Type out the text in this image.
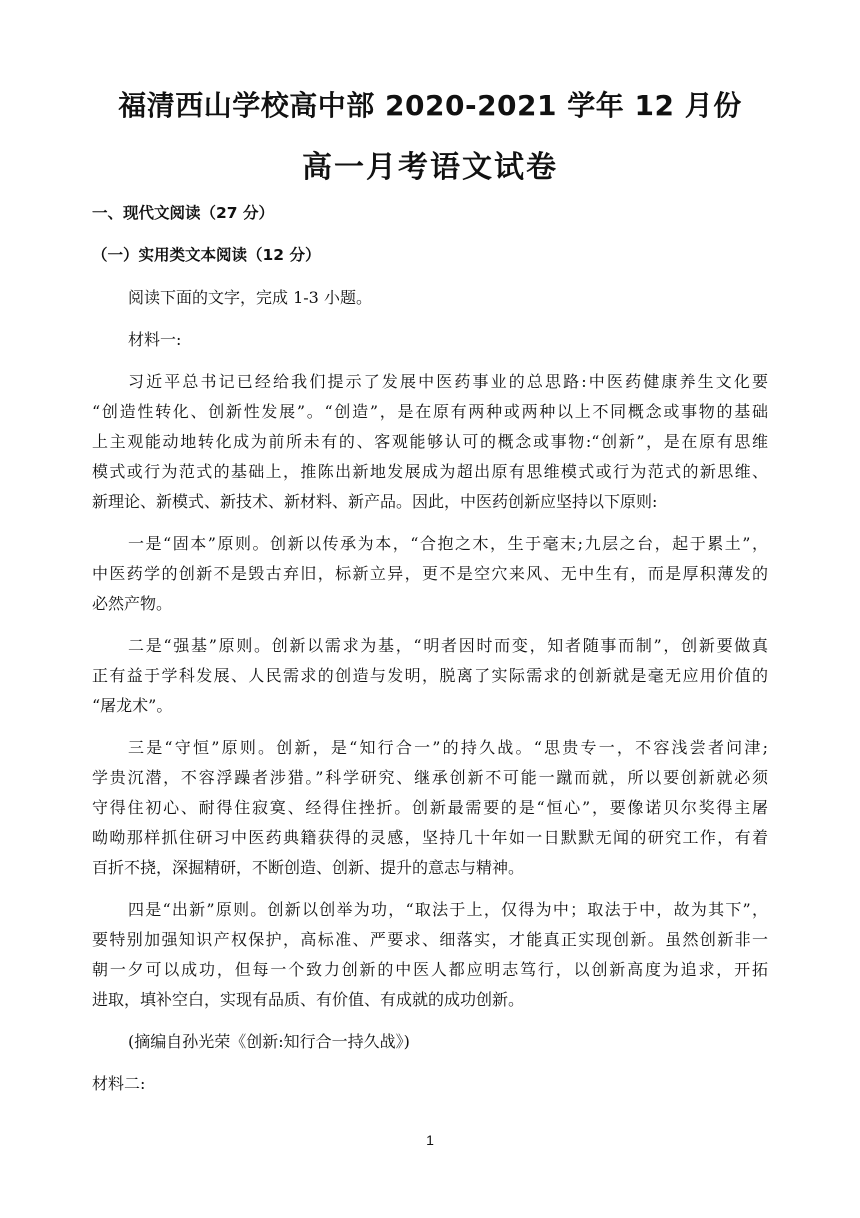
福清西山学校高中部 2020-2021 学年 12 月份
高一月考语文试卷
一、现代文阅读（27 分）
（一）实用类文本阅读（12 分）
阅读下面的文字，完成 1-3 小题。
材料一:
习近平总书记已经给我们提示了发展中医药事业的总思路:中医药健康养生文化要
“创造性转化、创新性发展”。“创造”，是在原有两种或两种以上不同概念或事物的基础
上主观能动地转化成为前所未有的、客观能够认可的概念或事物:“创新”，是在原有思维
模式或行为范式的基础上，推陈出新地发展成为超出原有思维模式或行为范式的新思维、
新理论、新模式、新技术、新材料、新产品。因此，中医药创新应坚持以下原则:
一是“固本”原则。创新以传承为本，“合抱之木，生于毫末;九层之台，起于累土”，
中医药学的创新不是毁古弃旧，标新立异，更不是空穴来风、无中生有，而是厚积薄发的
必然产物。
二是“强基”原则。创新以需求为基，“明者因时而变，知者随事而制”，创新要做真
正有益于学科发展、人民需求的创造与发明，脱离了实际需求的创新就是毫无应用价值的
“屠龙术”。
三是“守恒”原则。创新，是“知行合一”的持久战。“思贵专一，不容浅尝者问津;
学贵沉潜，不容浮躁者涉猎。”科学研究、继承创新不可能一蹴而就，所以要创新就必须
守得住初心、耐得住寂寞、经得住挫折。创新最需要的是“恒心”，要像诺贝尔奖得主屠
呦呦那样抓住研习中医药典籍获得的灵感，坚持几十年如一日默默无闻的研究工作，有着
百折不挠，深掘精研，不断创造、创新、提升的意志与精神。
四是“出新”原则。创新以创举为功，“取法于上，仅得为中；取法于中，故为其下”，
要特别加强知识产权保护，高标准、严要求、细落实，才能真正实现创新。虽然创新非一
朝一夕可以成功，但每一个致力创新的中医人都应明志笃行，以创新高度为追求，开拓
进取，填补空白，实现有品质、有价值、有成就的成功创新。
(摘编自孙光荣《创新:知行合一持久战》)
材料二:
1
